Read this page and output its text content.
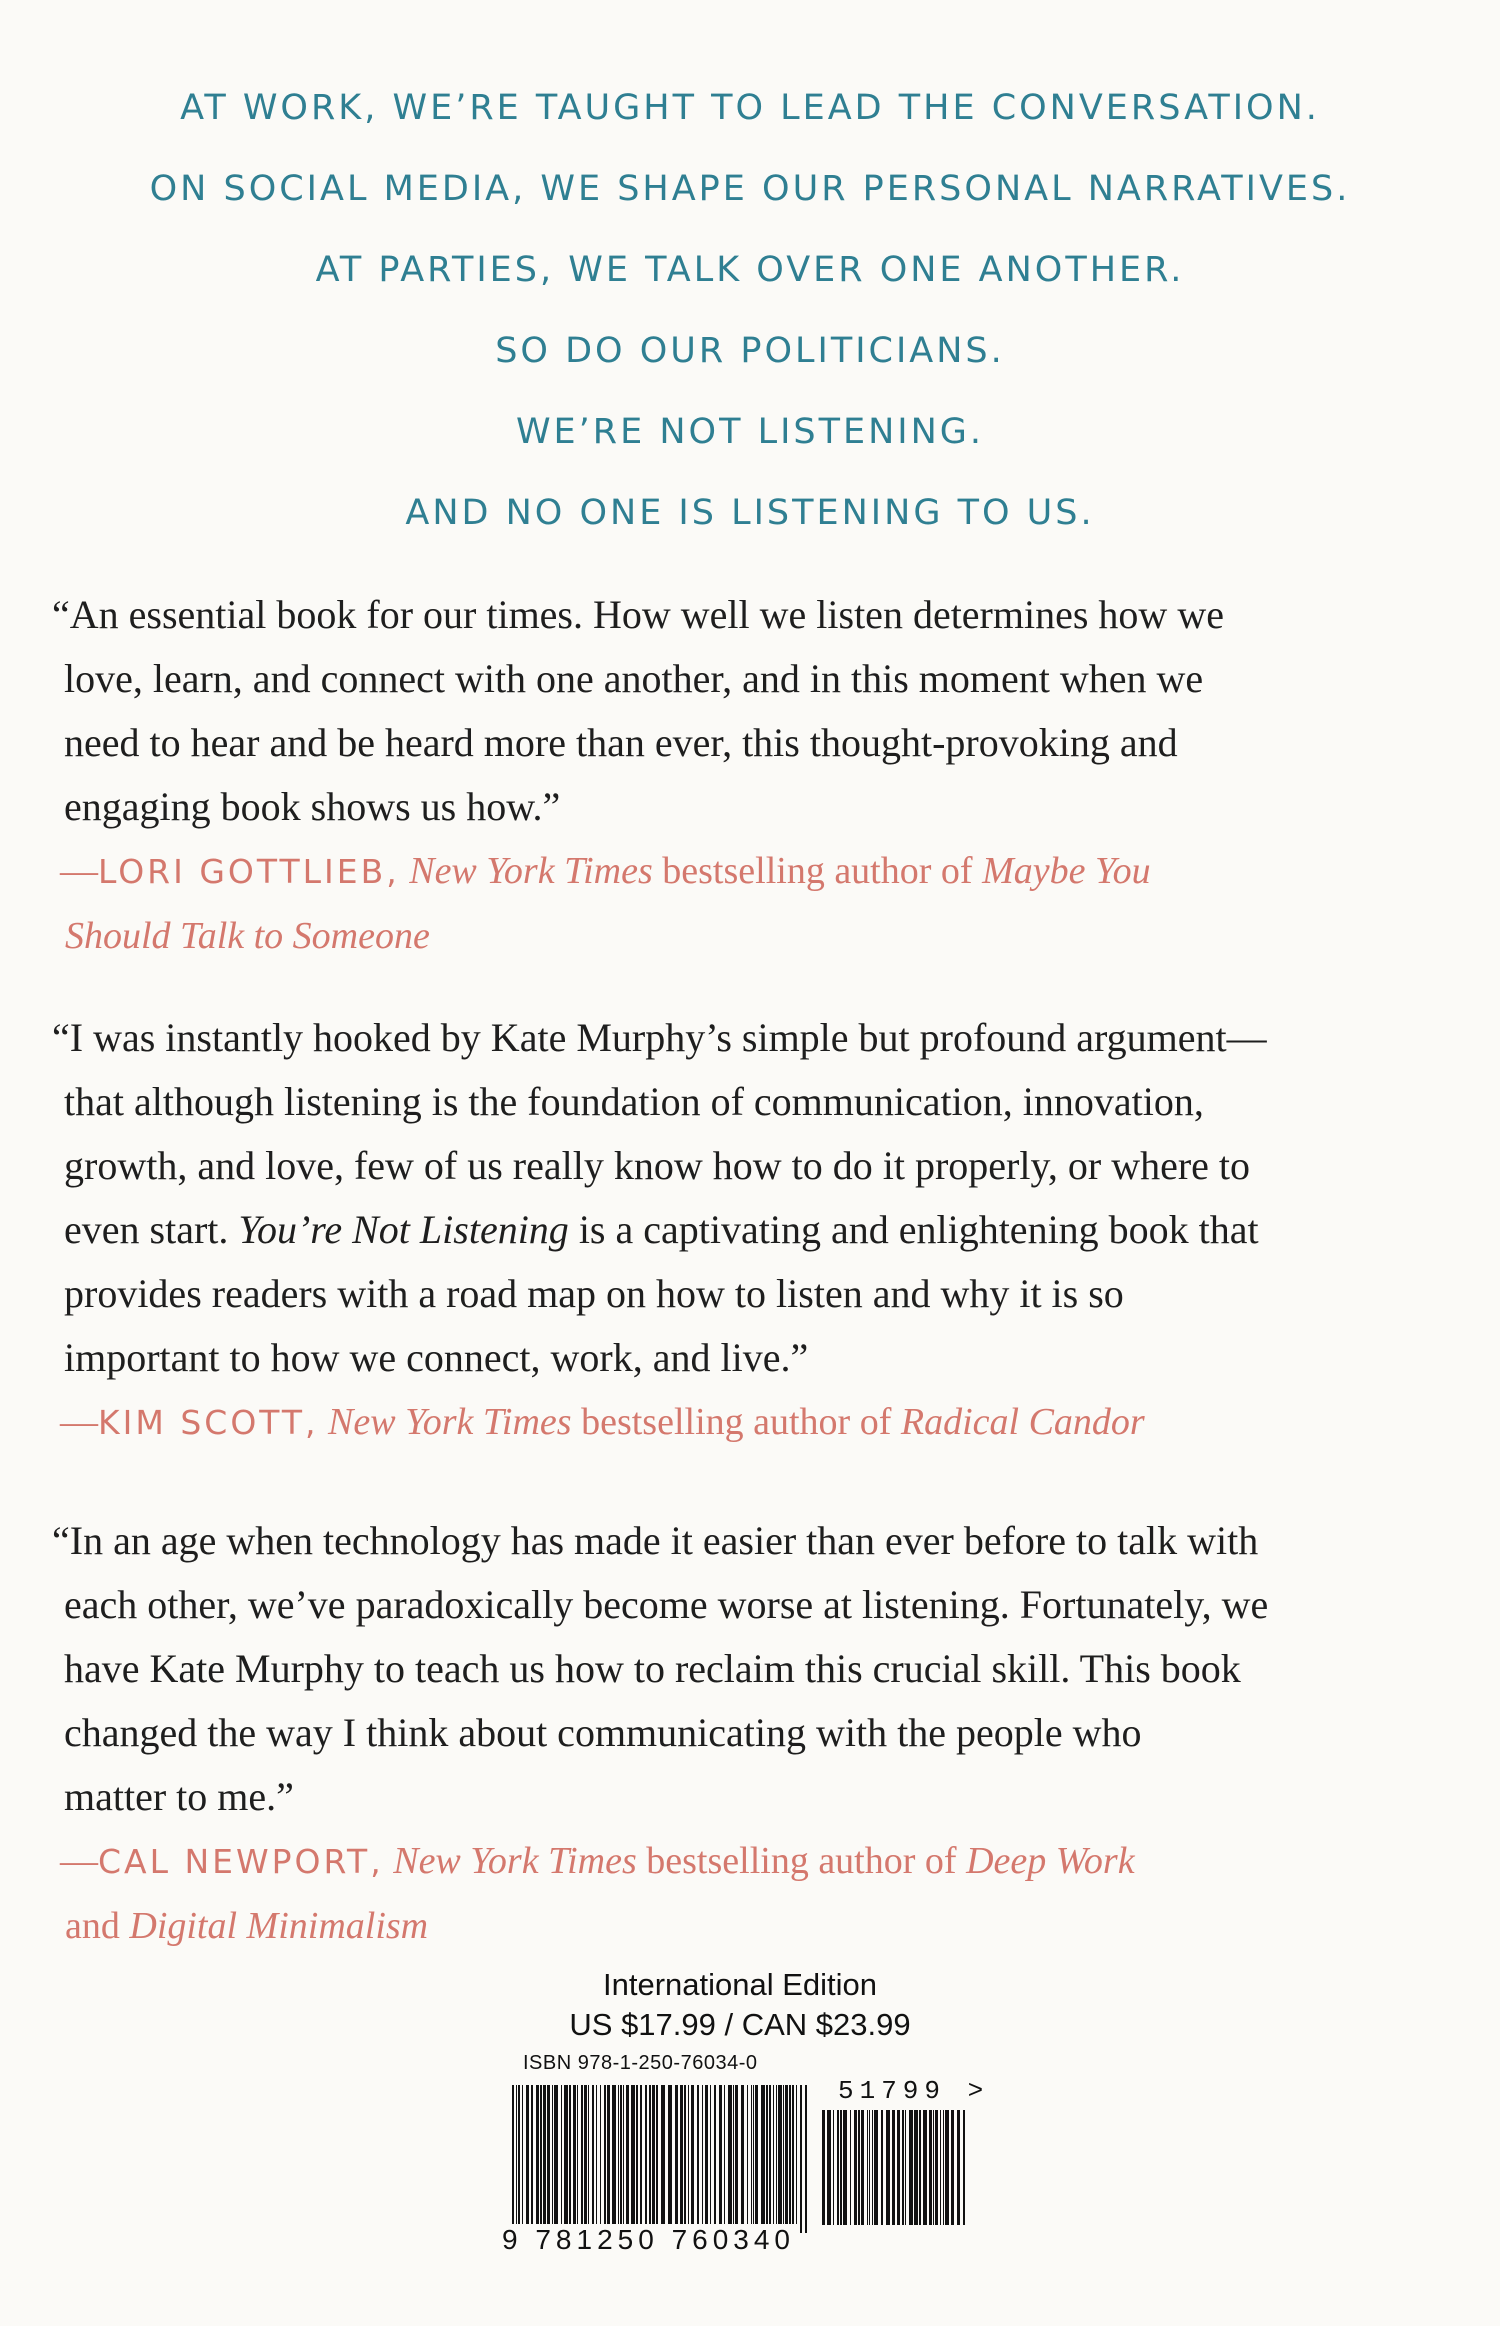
AT WORK, WE’RE TAUGHT TO LEAD THE CONVERSATION.
ON SOCIAL MEDIA, WE SHAPE OUR PERSONAL NARRATIVES.
AT PARTIES, WE TALK OVER ONE ANOTHER.
SO DO OUR POLITICIANS.
WE’RE NOT LISTENING.
AND NO ONE IS LISTENING TO US.
“An essential book for our times. How well we listen determines how we
love, learn, and connect with one another, and in this moment when we
need to hear and be heard more than ever, this thought-provoking and
engaging book shows us how.”
—LORI GOTTLIEB, New York Times bestselling author of Maybe You
Should Talk to Someone
“I was instantly hooked by Kate Murphy’s simple but profound argument—
that although listening is the foundation of communication, innovation,
growth, and love, few of us really know how to do it properly, or where to
even start. You’re Not Listening is a captivating and enlightening book that
provides readers with a road map on how to listen and why it is so
important to how we connect, work, and live.”
—KIM SCOTT, New York Times bestselling author of Radical Candor
“In an age when technology has made it easier than ever before to talk with
each other, we’ve paradoxically become worse at listening. Fortunately, we
have Kate Murphy to teach us how to reclaim this crucial skill. This book
changed the way I think about communicating with the people who
matter to me.”
—CAL NEWPORT, New York Times bestselling author of Deep Work
and Digital Minimalism
International Edition
US $17.99 / CAN $23.99
ISBN 978-1-250-76034-0
51799 >
9 781250 760340
